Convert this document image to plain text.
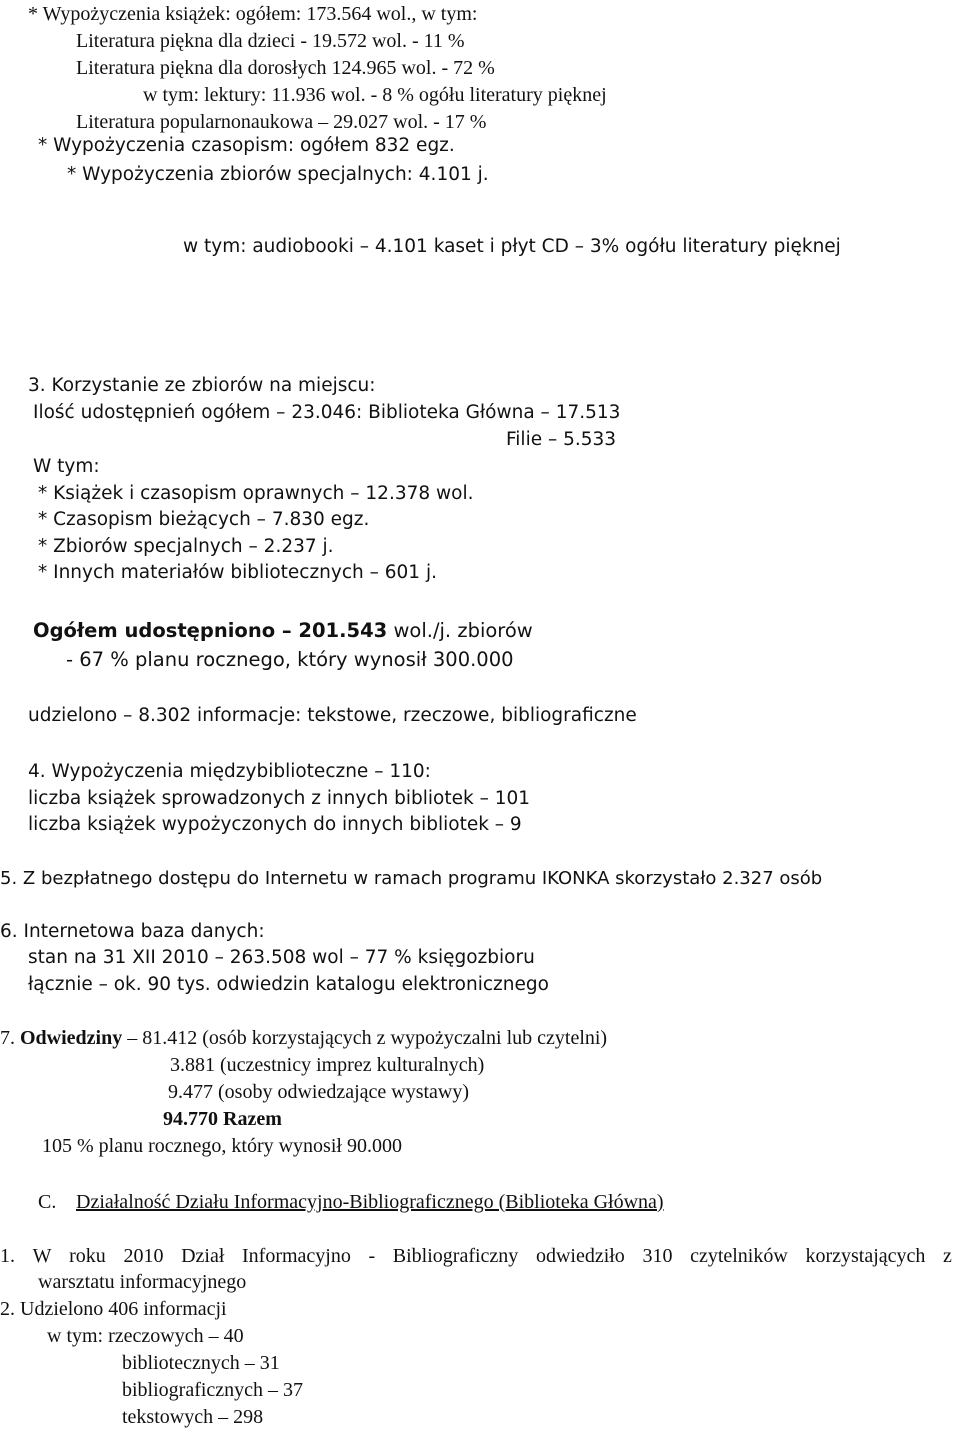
* Wypożyczenia książek: ogółem: 173.564 wol., w tym:
Literatura piękna dla dzieci - 19.572 wol. - 11 %
Literatura piękna dla dorosłych 124.965 wol. - 72 %
w tym: lektury: 11.936 wol. - 8 % ogółu literatury pięknej
Literatura popularnonaukowa – 29.027 wol. - 17 %
* Wypożyczenia czasopism: ogółem 832 egz.
* Wypożyczenia zbiorów specjalnych: 4.101 j.
w tym: audiobooki – 4.101 kaset i płyt CD – 3% ogółu literatury pięknej
3. Korzystanie ze zbiorów na miejscu:
Ilość udostępnień ogółem – 23.046: Biblioteka Główna – 17.513
Filie – 5.533
W tym:
* Książek i czasopism oprawnych – 12.378 wol.
* Czasopism bieżących – 7.830 egz.
* Zbiorów specjalnych – 2.237 j.
* Innych materiałów bibliotecznych – 601 j.
Ogółem udostępniono – 201.543 wol./j. zbiorów
- 67 % planu rocznego, który wynosił 300.000
udzielono – 8.302 informacje: tekstowe, rzeczowe, bibliograficzne
4. Wypożyczenia międzybiblioteczne – 110:
liczba książek sprowadzonych z innych bibliotek – 101
liczba książek wypożyczonych do innych bibliotek – 9
5. Z bezpłatnego dostępu do Internetu w ramach programu IKONKA skorzystało 2.327 osób
6. Internetowa baza danych:
stan na 31 XII 2010 – 263.508 wol – 77 % księgozbioru
łącznie – ok. 90 tys. odwiedzin katalogu elektronicznego
7. Odwiedziny – 81.412 (osób korzystających z wypożyczalni lub czytelni)
3.881 (uczestnicy imprez kulturalnych)
9.477 (osoby odwiedzające wystawy)
94.770 Razem
105 % planu rocznego, który wynosił 90.000
C. Działalność Działu Informacyjno-Bibliograficznego (Biblioteka Główna)
1. W roku 2010 Dział Informacyjno - Bibliograficzny odwiedziło 310 czytelników korzystających z
warsztatu informacyjnego
2. Udzielono 406 informacji
w tym: rzeczowych – 40
bibliotecznych – 31
bibliograficznych – 37
tekstowych – 298
